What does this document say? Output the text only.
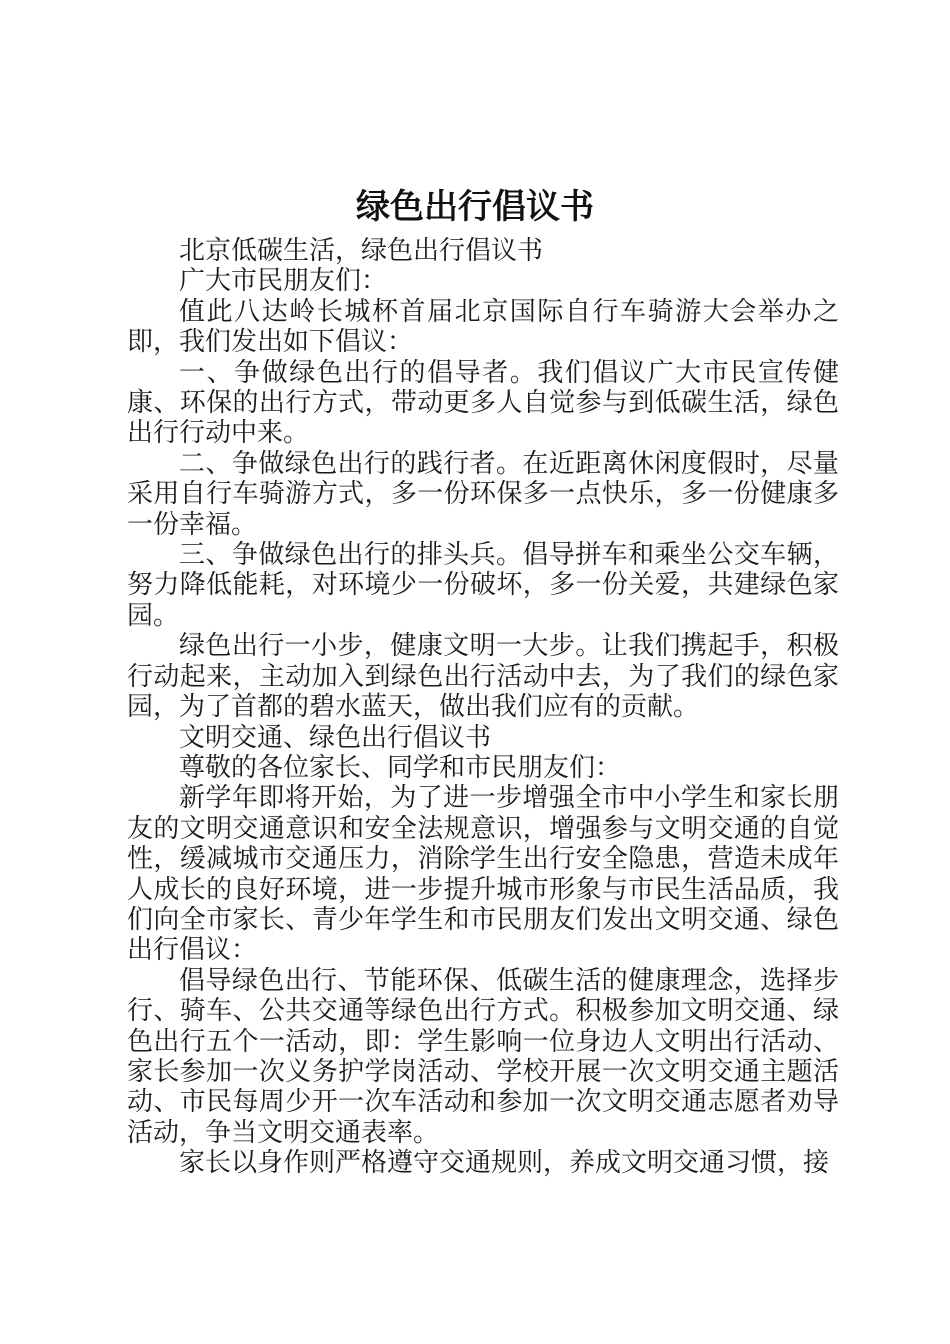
绿色出行倡议书

北京低碳生活，绿色出行倡议书

广大市民朋友们：

值此八达岭长城杯首届北京国际自行车骑游大会举办之即，我们发出如下倡议：

一、争做绿色出行的倡导者。我们倡议广大市民宣传健康、环保的出行方式，带动更多人自觉参与到低碳生活，绿色出行行动中来。

二、争做绿色出行的践行者。在近距离休闲度假时，尽量采用自行车骑游方式，多一份环保多一点快乐，多一份健康多一份幸福。

三、争做绿色出行的排头兵。倡导拼车和乘坐公交车辆，努力降低能耗，对环境少一份破坏，多一份关爱，共建绿色家园。

绿色出行一小步，健康文明一大步。让我们携起手，积极行动起来，主动加入到绿色出行活动中去，为了我们的绿色家园，为了首都的碧水蓝天，做出我们应有的贡献。

文明交通、绿色出行倡议书

尊敬的各位家长、同学和市民朋友们：

新学年即将开始，为了进一步增强全市中小学生和家长朋友的文明交通意识和安全法规意识，增强参与文明交通的自觉性，缓减城市交通压力，消除学生出行安全隐患，营造未成年人成长的良好环境，进一步提升城市形象与市民生活品质，我们向全市家长、青少年学生和市民朋友们发出文明交通、绿色出行倡议：

倡导绿色出行、节能环保、低碳生活的健康理念，选择步行、骑车、公共交通等绿色出行方式。积极参加文明交通、绿色出行五个一活动，即：学生影响一位身边人文明出行活动、家长参加一次义务护学岗活动、学校开展一次文明交通主题活动、市民每周少开一次车活动和参加一次文明交通志愿者劝导活动，争当文明交通表率。

家长以身作则严格遵守交通规则，养成文明交通习惯，接
